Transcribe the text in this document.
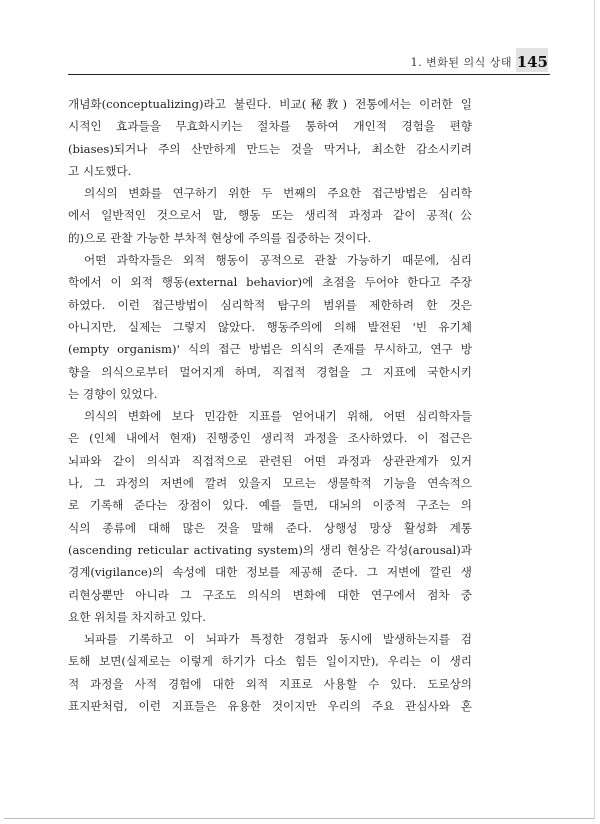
1. 변화된 의식 상태 145
개념화(conceptualizing)라고 불린다. 비교(秘教) 전통에서는 이러한 일
시적인 효과들을 무효화시키는 절차를 통하여 개인적 경험을 편향
(biases)되거나 주의 산만하게 만드는 것을 막거나, 최소한 감소시키려
고 시도했다.
의식의 변화를 연구하기 위한 두 번째의 주요한 접근방법은 심리학
에서 일반적인 것으로서 말, 행동 또는 생리적 과정과 같이 공적(公
的)으로 관찰 가능한 부차적 현상에 주의를 집중하는 것이다.
어떤 과학자들은 외적 행동이 공적으로 관찰 가능하기 때문에, 심리
학에서 이 외적 행동(external behavior)에 초점을 두어야 한다고 주장
하였다. 이런 접근방법이 심리학적 탐구의 범위를 제한하려 한 것은
아니지만, 실제는 그렇지 않았다. 행동주의에 의해 발전된 '빈 유기체
(empty organism)' 식의 접근 방법은 의식의 존재를 무시하고, 연구 방
향을 의식으로부터 멀어지게 하며, 직접적 경험을 그 지표에 국한시키
는 경향이 있었다.
의식의 변화에 보다 민감한 지표를 얻어내기 위해, 어떤 심리학자들
은 (인체 내에서 현재) 진행중인 생리적 과정을 조사하였다. 이 접근은
뇌파와 같이 의식과 직접적으로 관련된 어떤 과정과 상관관계가 있거
나, 그 과정의 저변에 깔려 있을지 모르는 생물학적 기능을 연속적으
로 기록해 준다는 장점이 있다. 예를 들면, 대뇌의 이중적 구조는 의
식의 종류에 대해 많은 것을 말해 준다. 상행성 망상 활성화 계통
(ascending reticular activating system)의 생리 현상은 각성(arousal)과
경계(vigilance)의 속성에 대한 정보를 제공해 준다. 그 저변에 깔린 생
리현상뿐만 아니라 그 구조도 의식의 변화에 대한 연구에서 점차 중
요한 위치를 차지하고 있다.
뇌파를 기록하고 이 뇌파가 특정한 경험과 동시에 발생하는지를 검
토해 보면(실제로는 이렇게 하기가 다소 힘든 일이지만), 우리는 이 생리
적 과정을 사적 경험에 대한 외적 지표로 사용할 수 있다. 도로상의
표지판처럼, 이런 지표들은 유용한 것이지만 우리의 주요 관심사와 혼
